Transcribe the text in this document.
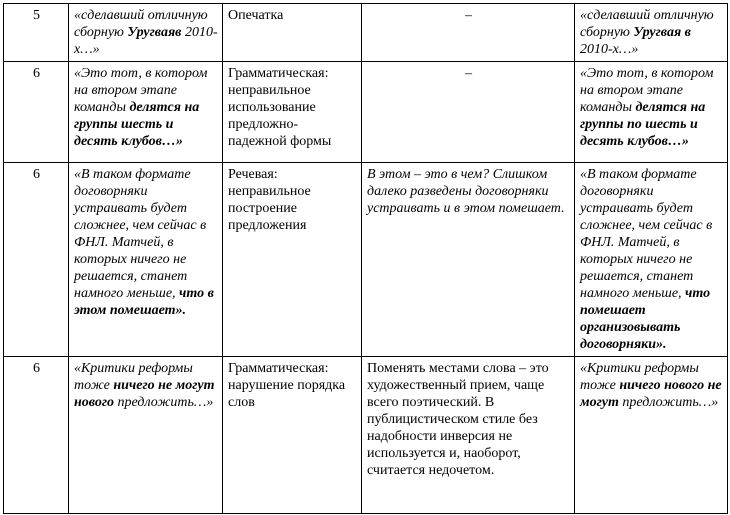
5	«сделавший отличную сборную Уругваяв 2010-х…»	Опечатка	–	«сделавший отличную сборную Уругвая в 2010-х…»
6	«Это тот, в котором на втором этапе команды делятся на группы шесть и десять клубов…»	Грамматическая:
неправильное
использование
предложно-
падежной формы	–	«Это тот, в котором на втором этапе команды делятся на группы по шесть и десять клубов…»
6	«В таком формате договорняки устраивать будет сложнее, чем сейчас в ФНЛ. Матчей, в которых ничего не решается, станет намного меньше, что в этом помешает».	Речевая:
неправильное
построение
предложения	В этом – это в чем? Слишком далеко разведены договорняки устраивать и в этом помешает.	«В таком формате договорняки устраивать будет сложнее, чем сейчас в ФНЛ. Матчей, в которых ничего не решается, станет намного меньше, что помешает организовывать договорняки».
6	«Критики реформы тоже ничего не могут нового предложить…»	Грамматическая:
нарушение порядка
слов	Поменять местами слова – это художественный прием, чаще всего поэтический. В публицистическом стиле без надобности инверсия не используется и, наоборот, считается недочетом.	«Критики реформы тоже ничего нового не могут предложить…»
